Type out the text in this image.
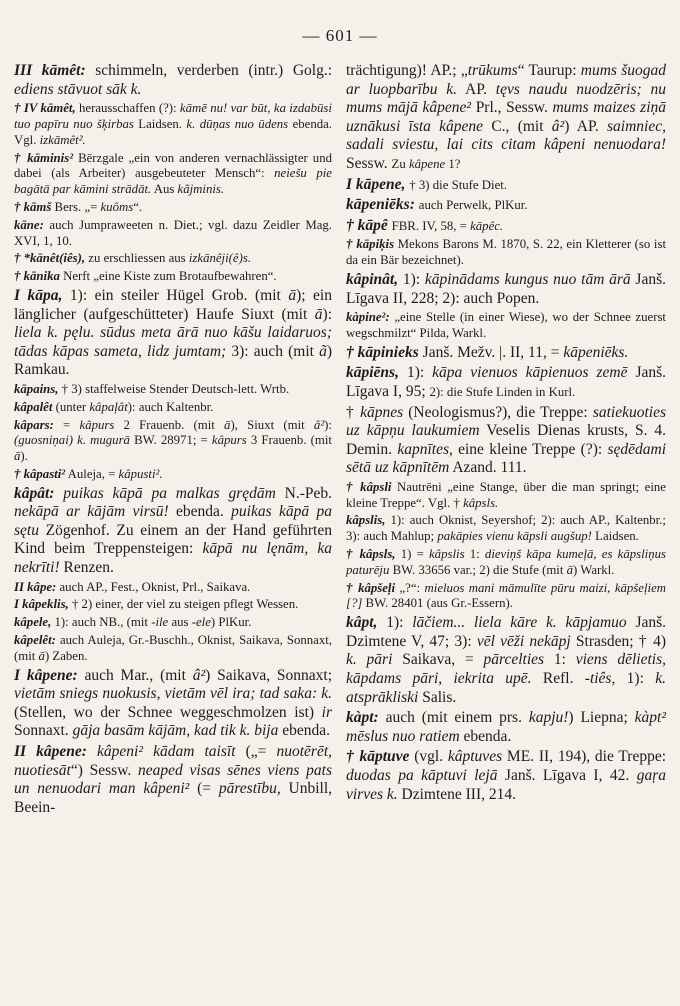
— 601 —
III kāmêt: schimmeln, verderben (intr.) Golg.: ediens stāvuot sāk k.
† IV kāmêt, herausschaffen (?): kāmē nu! var būt, ka izdabūsi tuo papīru nuo šķirbas Laidsen. k. dūņas nuo ūdens ebenda. Vgl. izkāmêt².
† kāminis² Bērzgale „ein von anderen vernachlässigter und dabei (als Arbeiter) ausgebeuteter Mensch“: neiešu pie bagātā par kāmini strādāt. Aus kãjminis.
† kāmš Bers. „= kuôms“.
kāne: auch Jumpraweeten n. Diet.; vgl. dazu Zeidler Mag. XVI, 1, 10.
† *kānêt(iês), zu erschliessen aus izkānêji(ê)s.
† kānika Nerft „eine Kiste zum Brotaufbewahren“.
I kāpa, 1): ein steiler Hügel Grob. (mit ā); ein länglicher (aufgeschütteter) Haufe Siuxt (mit ā): liela k. pęlu. sūdus meta ārā nuo kāšu laidaruos; tādas kāpas sameta, lidz jumtam; 3): auch (mit ã) Ramkau.
kāpains, † 3) staffelweise Stender Deutsch-lett. Wrtb.
kâpalêt (unter kâpaļât): auch Kaltenbr.
kâpars: = kâpurs 2 Frauenb. (mit ā), Siuxt (mit â²): (guosniņai) k. mugurā BW. 28971; = kâpurs 3 Frauenb. (mit ā).
† kâpasti² Auleja, = kâpusti².
kâpât: puikas kāpā pa malkas grędām N.-Peb. nekāpā ar kājām virsū! ebenda. puikas kāpā pa sętu Zögenhof. Zu einem an der Hand geführten Kind beim Treppensteigen: kāpā nu lęnām, ka nekrīti! Renzen.
II kâpe: auch AP., Fest., Oknist, Prl., Saikava.
I kâpeklis, † 2) einer, der viel zu steigen pflegt Wessen.
kâpele, 1): auch NB., (mit -ile aus -ele) PlKur.
kâpelêt: auch Auleja, Gr.-Buschh., Oknist, Saikava, Sonnaxt, (mit ā) Zaben.
I kâpene: auch Mar., (mit â²) Saikava, Sonnaxt; vietām sniegs nuokusis, vietām vēl ira; tad saka: k. (Stellen, wo der Schnee weggeschmolzen ist) ir Sonnaxt. gāja basām kājām, kad tik k. bija ebenda.
II kâpene: kâpeni² kādam taisīt („= nuotērēt, nuotiesāt“) Sessw. neaped visas sēnes viens pats un nenuodari man kâpeni² (= pārestību, Unbill, Beein-
trächtigung)! AP.; „trūkums“ Taurup: mums šuogad ar luopbarību k. AP. tęvs naudu nuodzēris; nu mums mājā kâpene² Prl., Sessw. mums maizes ziņā uznākusi īsta kâpene C., (mit â²) AP. saimniec, sadali sviestu, lai cits citam kâpeni nenuodara! Sessw. Zu kâpene 1?
I kāpene, † 3) die Stufe Diet.
kāpeniēks: auch Perwelk, PlKur.
† kāpê FBR. IV, 58, = kāpêc.
† kāpiķis Mekons Barons M. 1870, S. 22, ein Kletterer (so ist da ein Bär bezeichnet).
kâpinât, 1): kāpinādams kungus nuo tām ārā Janš. Līgava II, 228; 2): auch Popen.
kàpine²: „eine Stelle (in einer Wiese), wo der Schnee zuerst wegschmilzt“ Pilda, Warkl.
† kāpinieks Janš. Mežv. |. II, 11, = kāpeniēks.
kāpiēns, 1): kāpa vienuos kāpienuos zemē Janš. Līgava I, 95; 2): die Stufe Linden in Kurl.
† kāpnes (Neologismus?), die Treppe: satiekuoties uz kāpņu laukumiem Veselis Dienas krusts, S. 4. Demin. kapnītes, eine kleine Treppe (?): sędēdami sētā uz kāpnītēm Azand. 111.
† kâpsli Nautrēni „eine Stange, über die man springt; eine kleine Treppe“. Vgl. † kâpsls.
kâpslis, 1): auch Oknist, Seyershof; 2): auch AP., Kaltenbr.; 3): auch Mahlup; pakāpies vienu kāpsli augšup! Laidsen.
† kâpsls, 1) = kâpslis 1: dieviņš kāpa kumeļā, es kāpsliņus paturēju BW. 33656 var.; 2) die Stufe (mit ā) Warkl.
† kâpšeļi „?“: mieluos mani māmulīte pūru maizi, kāpšeļiem [?] BW. 28401 (aus Gr.-Essern).
kâpt, 1): lāčiem... liela kāre k. kāpjamuo Janš. Dzimtene V, 47; 3): vēl vēži nekāpj Strasden; † 4) k. pāri Saikava, = pārcelties 1: viens dēlietis, kāpdams pāri, iekrita upē. Refl. -tiês, 1): k. atsprākliski Salis.
kàpt: auch (mit einem prs. kapju!) Liepna; kàpt² mēslus nuo ratiem ebenda.
† kāptuve (vgl. kâptuves ME. II, 194), die Treppe: duodas pa kāptuvi lejā Janš. Līgava I, 42. gaŗa virves k. Dzimtene III, 214.
